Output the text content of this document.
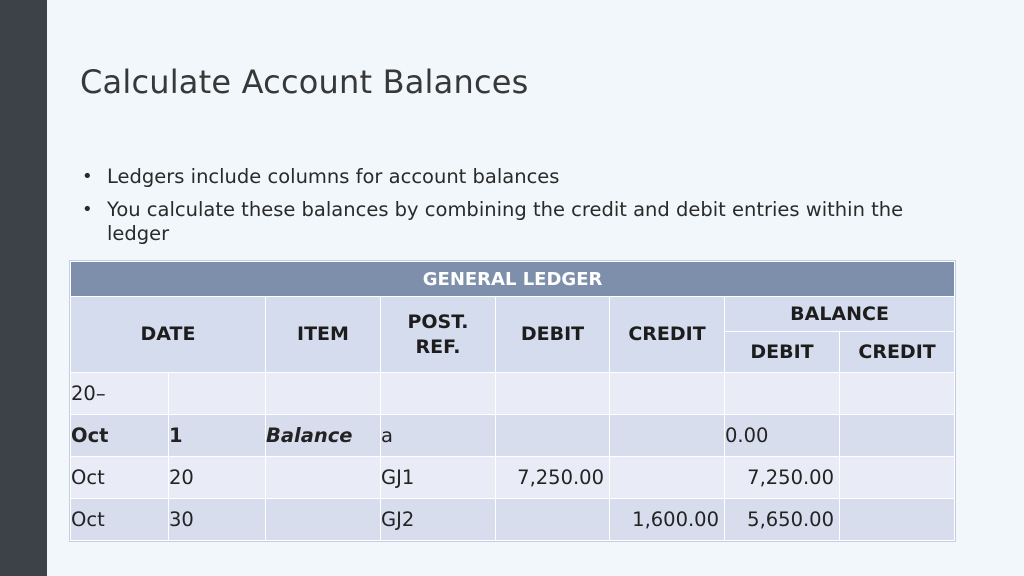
Calculate Account Balances
• Ledgers include columns for account balances
• You calculate these balances by combining the credit and debit entries within the ledger
GENERAL LEDGER							
DATE		ITEM	POST. REF.	DEBIT	CREDIT	BALANCE	
						DEBIT	CREDIT
20–							
Oct	1	Balance	a			0.00	
Oct	20		GJ1	7,250.00		7,250.00	
Oct	30		GJ2		1,600.00	5,650.00	
